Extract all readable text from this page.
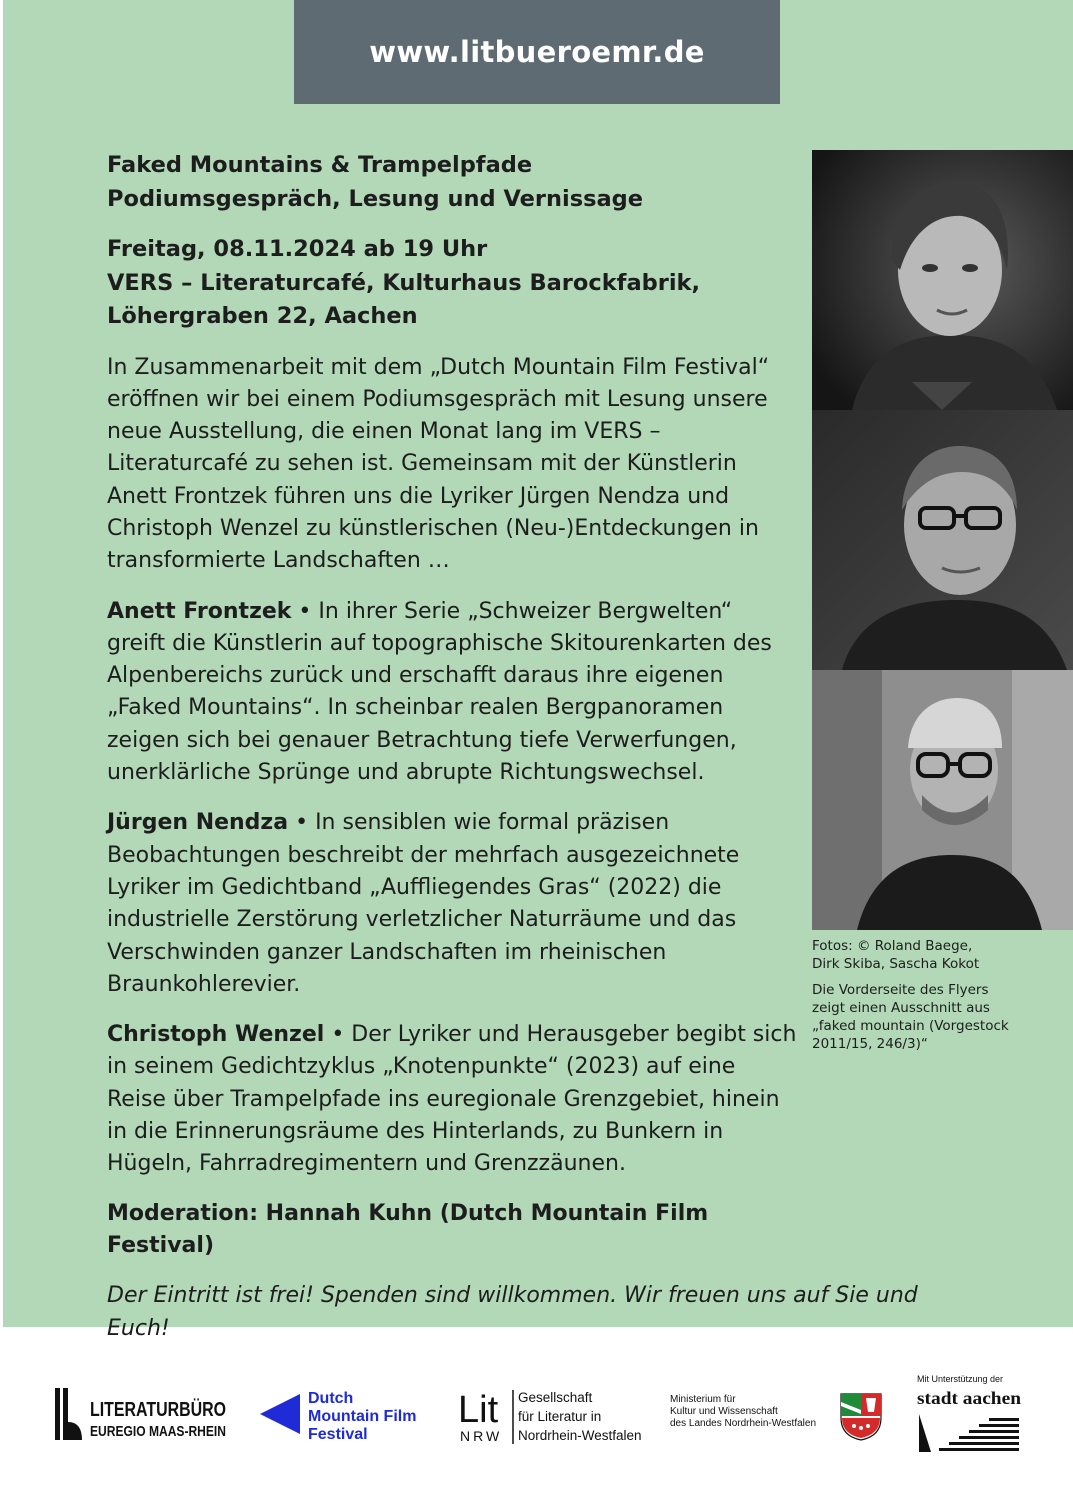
www.litbueroemr.de

Faked Mountains & Trampelpfade

Podiumsgespräch, Lesung und Vernissage

Freitag, 08.11.2024 ab 19 Uhr
VERS – Literaturcafé, Kulturhaus Barockfabrik,
Löhergraben 22, Aachen

In Zusammenarbeit mit dem „Dutch Mountain Film Festival“ eröffnen wir bei einem Podiumsgespräch mit Lesung unsere neue Ausstellung, die einen Monat lang im VERS – Literaturcafé zu sehen ist. Gemeinsam mit der Künstlerin Anett Frontzek führen uns die Lyriker Jürgen Nendza und Christoph Wenzel zu künstlerischen (Neu-)Entdeckungen in transformierte Landschaften …

Anett Frontzek • In ihrer Serie „Schweizer Bergwelten“ greift die Künstlerin auf topographische Skitourenkarten des Alpenbereichs zurück und erschafft daraus ihre eigenen „Faked Mountains“. In scheinbar realen Bergpanoramen zeigen sich bei genauer Betrachtung tiefe Verwerfungen, unerklärliche Sprünge und abrupte Richtungswechsel.

Jürgen Nendza • In sensiblen wie formal präzisen Beobachtungen beschreibt der mehrfach ausgezeichnete Lyriker im Gedichtband „Auffliegendes Gras“ (2022) die industrielle Zerstörung verletzlicher Naturräume und das Verschwinden ganzer Landschaften im rheinischen Braunkohlerevier.

Christoph Wenzel • Der Lyriker und Herausgeber begibt sich in seinem Gedichtzyklus „Knotenpunkte“ (2023) auf eine Reise über Trampelpfade ins euregionale Grenzgebiet, hinein in die Erinnerungsräume des Hinterlands, zu Bunkern in Hügeln, Fahrradregimentern und Grenzzäunen.

Moderation: Hannah Kuhn (Dutch Mountain Film Festival)

Der Eintritt ist frei! Spenden sind willkommen. Wir freuen uns auf Sie und Euch!

Fotos: © Roland Baege,

Dirk Skiba, Sascha Kokot

Die Vorderseite des Flyers

zeigt einen Ausschnitt aus

„faked mountain (Vorgestock

2011/15, 246/3)“

LITERATURBÜRO
EUREGIO MAAS-RHEIN
Dutch
Mountain Film
Festival
Lit
NRW
Gesellschaft
für Literatur in
Nordrhein-Westfalen
Ministerium für
Kultur und Wissenschaft
des Landes Nordrhein-Westfalen
Mit Unterstützung der
stadt aachen
